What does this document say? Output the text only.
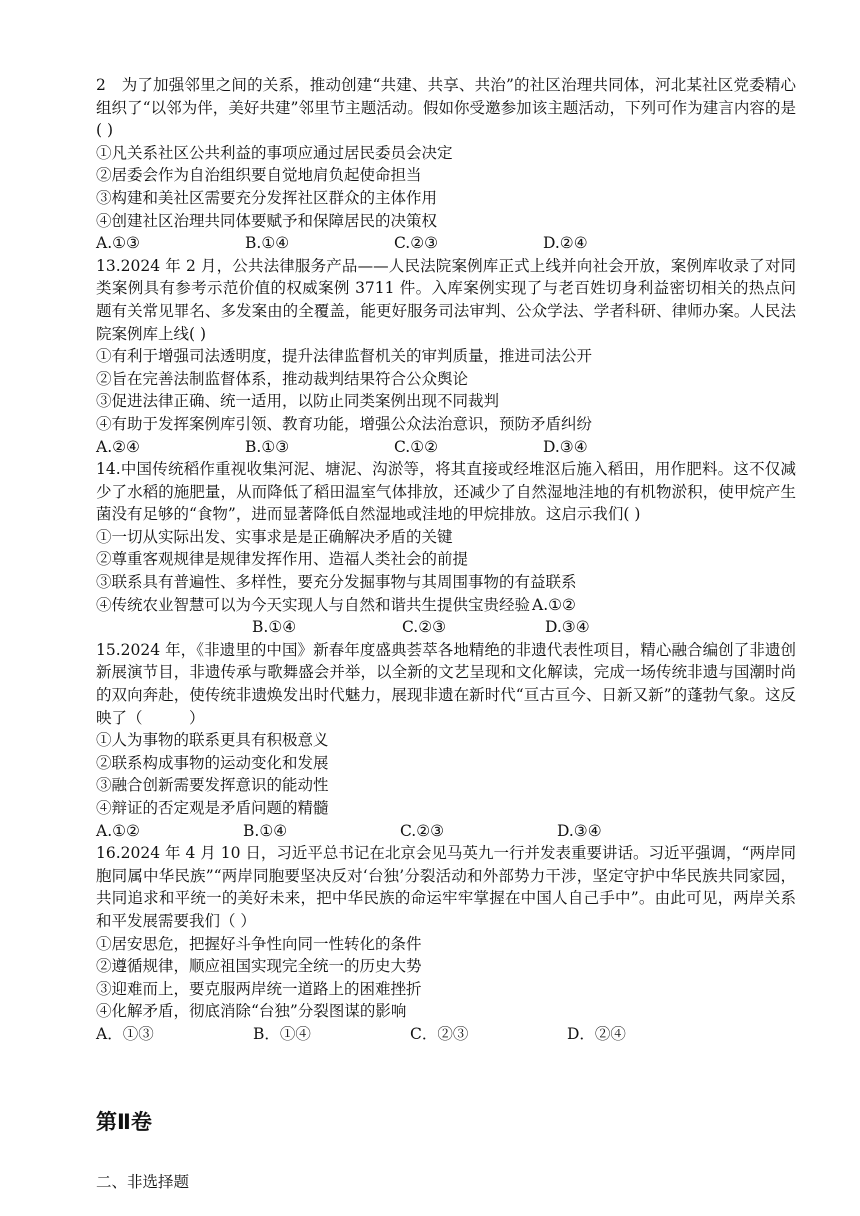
2　为了加强邻里之间的关系，推动创建“共建、共享、共治”的社区治理共同体，河北某社区党委精心组织了“以邻为伴，美好共建”邻里节主题活动。假如你受邀参加该主题活动，下列可作为建言内容的是( )

①凡关系社区公共利益的事项应通过居民委员会决定

②居委会作为自治组织要自觉地肩负起使命担当

③构建和美社区需要充分发挥社区群众的主体作用

④创建社区治理共同体要赋予和保障居民的决策权

A.①③	B.①④	C.②③	D.②④

13.2024 年 2 月，公共法律服务产品——人民法院案例库正式上线并向社会开放，案例库收录了对同类案例具有参考示范价值的权威案例 3711 件。入库案例实现了与老百姓切身利益密切相关的热点问题有关常见罪名、多发案由的全覆盖，能更好服务司法审判、公众学法、学者科研、律师办案。人民法院案例库上线( )

①有利于增强司法透明度，提升法律监督机关的审判质量，推进司法公开

②旨在完善法制监督体系，推动裁判结果符合公众舆论

③促进法律正确、统一适用，以防止同类案例出现不同裁判

④有助于发挥案例库引领、教育功能，增强公众法治意识，预防矛盾纠纷

A.②④	B.①③	C.①②	D.③④

14.中国传统稻作重视收集河泥、塘泥、沟淤等，将其直接或经堆沤后施入稻田，用作肥料。这不仅减少了水稻的施肥量，从而降低了稻田温室气体排放，还减少了自然湿地洼地的有机物淤积，使甲烷产生菌没有足够的“食物”，进而显著降低自然湿地或洼地的甲烷排放。这启示我们( )

①一切从实际出发、实事求是是正确解决矛盾的关键

②尊重客观规律是规律发挥作用、造福人类社会的前提

③联系具有普遍性、多样性，要充分发掘事物与其周围事物的有益联系

④传统农业智慧可以为今天实现人与自然和谐共生提供宝贵经验 A.①②

B.①④	C.②③	D.③④

15.2024 年，《非遗里的中国》新春年度盛典荟萃各地精绝的非遗代表性项目，精心融合编创了非遗创新展演节目，非遗传承与歌舞盛会并举，以全新的文艺呈现和文化解读，完成一场传统非遗与国潮时尚的双向奔赴，使传统非遗焕发出时代魅力，展现非遗在新时代“亘古亘今、日新又新”的蓬勃气象。这反映了（　　　）

①人为事物的联系更具有积极意义

②联系构成事物的运动变化和发展

③融合创新需要发挥意识的能动性

④辩证的否定观是矛盾问题的精髓

A.①②	B.①④	C.②③	D.③④

16.2024 年 4 月 10 日，习近平总书记在北京会见马英九一行并发表重要讲话。习近平强调，“两岸同胞同属中华民族”“两岸同胞要坚决反对‘台独’分裂活动和外部势力干涉，坚定守护中华民族共同家园，共同追求和平统一的美好未来，把中华民族的命运牢牢掌握在中国人自己手中”。由此可见，两岸关系和平发展需要我们（ ）

①居安思危，把握好斗争性向同一性转化的条件

②遵循规律，顺应祖国实现完全统一的历史大势

③迎难而上，要克服两岸统一道路上的困难挫折

④化解矛盾，彻底消除“台独”分裂图谋的影响

A．①③	B．①④	C．②③	D．②④
第Ⅱ卷
二、非选择题
